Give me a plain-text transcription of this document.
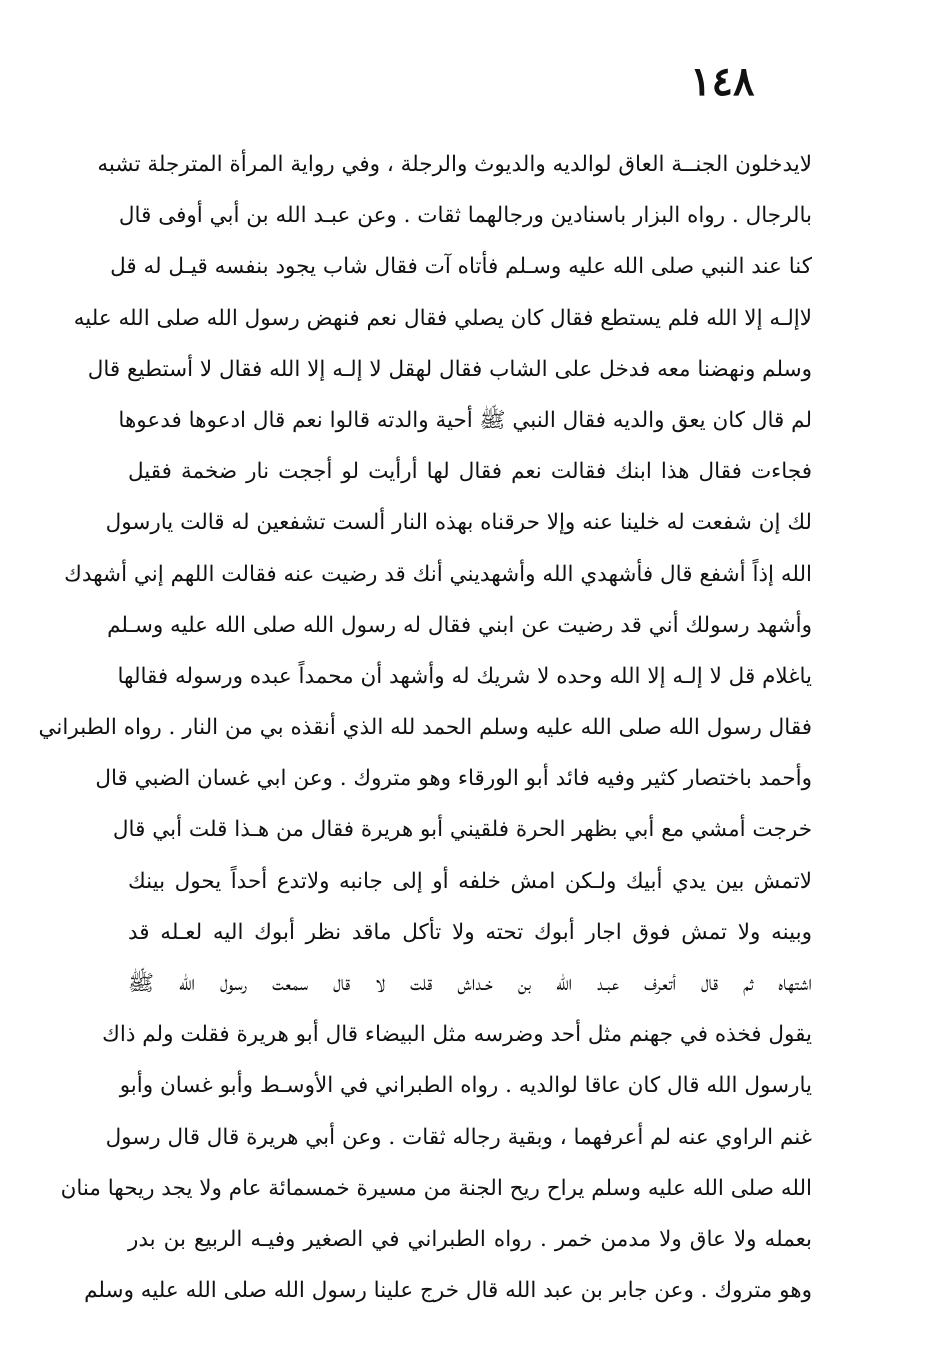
١٤٨
لايدخلون الجنــة العاق لوالديه والديوث والرجلة ، وفي رواية المرأة المترجلة تشبه
بالرجال . رواه البزار باسنادين ورجالهما ثقات . وعن عبـد الله بن أبي أوفى قال
كنا عند النبي صلى الله عليه وسـلم فأتاه آت فقال شاب يجود بنفسه قيـل له قل
لاإلـه إلا الله فلم يستطع فقال كان يصلي فقال نعم فنهض رسول الله صلى الله عليه
وسلم ونهضنا معه فدخل على الشاب فقال لهقل لا إلـه إلا الله فقال لا أستطيع قال
لم قال كان يعق والديه فقال النبي ﷺ أحية والدته قالوا نعم قال ادعوها فدعوها
فجاءت فقال هذا ابنك فقالت نعم فقال لها أرأيت لو أججت نار ضخمة فقيل
لك إن شفعت له خلينا عنه وإلا حرقناه بهذه النار ألست تشفعين له قالت يارسول
الله إذاً أشفع قال فأشهدي الله وأشهديني أنك قد رضيت عنه فقالت اللهم إني أشهدك
وأشهد رسولك أني قد رضيت عن ابني فقال له رسول الله صلى الله عليه وسـلم
ياغلام قل لا إلـه إلا الله وحده لا شريك له وأشهد أن محمداً عبده ورسوله فقالها
فقال رسول الله صلى الله عليه وسلم الحمد لله الذي أنقذه بي من النار . رواه الطبراني
وأحمد باختصار كثير وفيه فائد أبو الورقاء وهو متروك . وعن ابي غسان الضبي قال
خرجت أمشي مع أبي بظهر الحرة فلقيني أبو هريرة فقال من هـذا قلت أبي قال
لاتمش بين يدي أبيك ولـكن امش خلفه أو إلى جانبه ولاتدع أحداً يحول بينك
وبينه ولا تمش فوق اجار أبوك تحته ولا تأكل ماقد نظر أبوك اليه لعـله قد
اشتهاه ثم قال أتعرف عبـد الله بن خـداش قلت لا قال سمعت رسول الله ﷺ
يقول فخذه في جهنم مثل أحد وضرسه مثل البيضاء قال أبو هريرة فقلت ولم ذاك
يارسول الله قال كان عاقا لوالديه . رواه الطبراني في الأوسـط وأبو غسان وأبو
غنم الراوي عنه لم أعرفهما ، وبقية رجاله ثقات . وعن أبي هريرة قال قال رسول
الله صلى الله عليه وسلم يراح ريح الجنة من مسيرة خمسمائة عام ولا يجد ريحها منان
بعمله ولا عاق ولا مدمن خمر . رواه الطبراني في الصغير وفيـه الربيع بن بدر
وهو متروك . وعن جابر بن عبد الله قال خرج علينا رسول الله صلى الله عليه وسلم
